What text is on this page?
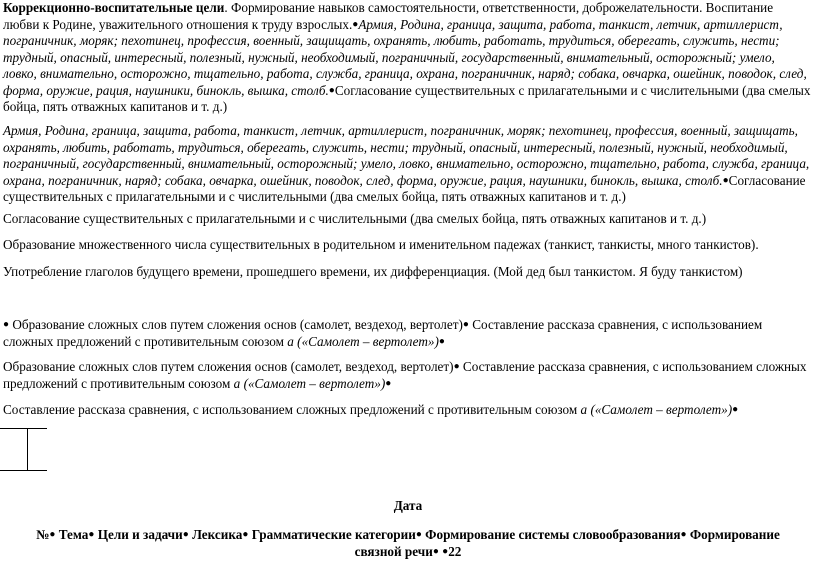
Коррекционно-воспитательные цели. Формирование навыков самостоятельности, ответственности, доброжелательности. Воспитание любви к Родине, уважительного отношения к труду взрослых.●Армия, Родина, граница, защита, работа, танкист, летчик, артиллерист, пограничник, моряк; пехотинец, профессия, военный, защищать, охранять, любить, работать, трудиться, оберегать, служить, нести; трудный, опасный, интересный, полезный, нужный, необходимый, пограничный, государственный, внимательный, осторожный; умело, ловко, внимательно, осторожно, тщательно, работа, служба, граница, охрана, пограничник, наряд; собака, овчарка, ошейник, поводок, след, форма, оружие, рация, наушники, бинокль, вышка, столб.●Согласование существительных с прилагательными и с числительными (два смелых бойца, пять отважных капитанов и т. д.)

Армия, Родина, граница, защита, работа, танкист, летчик, артиллерист, пограничник, моряк; пехотинец, профессия, военный, защищать, охранять, любить, работать, трудиться, оберегать, служить, нести; трудный, опасный, интересный, полезный, нужный, необходимый, пограничный, государственный, внимательный, осторожный; умело, ловко, внимательно, осторожно, тщательно, работа, служба, граница, охрана, пограничник, наряд; собака, овчарка, ошейник, поводок, след, форма, оружие, рация, наушники, бинокль, вышка, столб.●Согласование существительных с прилагательными и с числительными (два смелых бойца, пять отважных капитанов и т. д.)

Согласование существительных с прилагательными и с числительными (два смелых бойца, пять отважных капитанов и т. д.)

Образование множественного числа существительных в родительном и именительном падежах (танкист, танкисты, много танкистов).

Употребление глаголов будущего времени, прошедшего времени, их дифференциация. (Мой дед был танкистом. Я буду танкистом)

● Образование сложных слов путем сложения основ (самолет, вездеход, вертолет)● Составление рассказа сравнения, с использованием сложных предложений с противительным союзом а («Самолет – вертолет»)●

Образование сложных слов путем сложения основ (самолет, вездеход, вертолет)● Составление рассказа сравнения, с использованием сложных предложений с противительным союзом а («Самолет – вертолет»)●

Составление рассказа сравнения, с использованием сложных предложений с противительным союзом а («Самолет – вертолет»)●

Дата

№● Тема● Цели и задачи● Лексика● Грамматические категории● Формирование системы словообразования● Формирование связной речи● ●22
